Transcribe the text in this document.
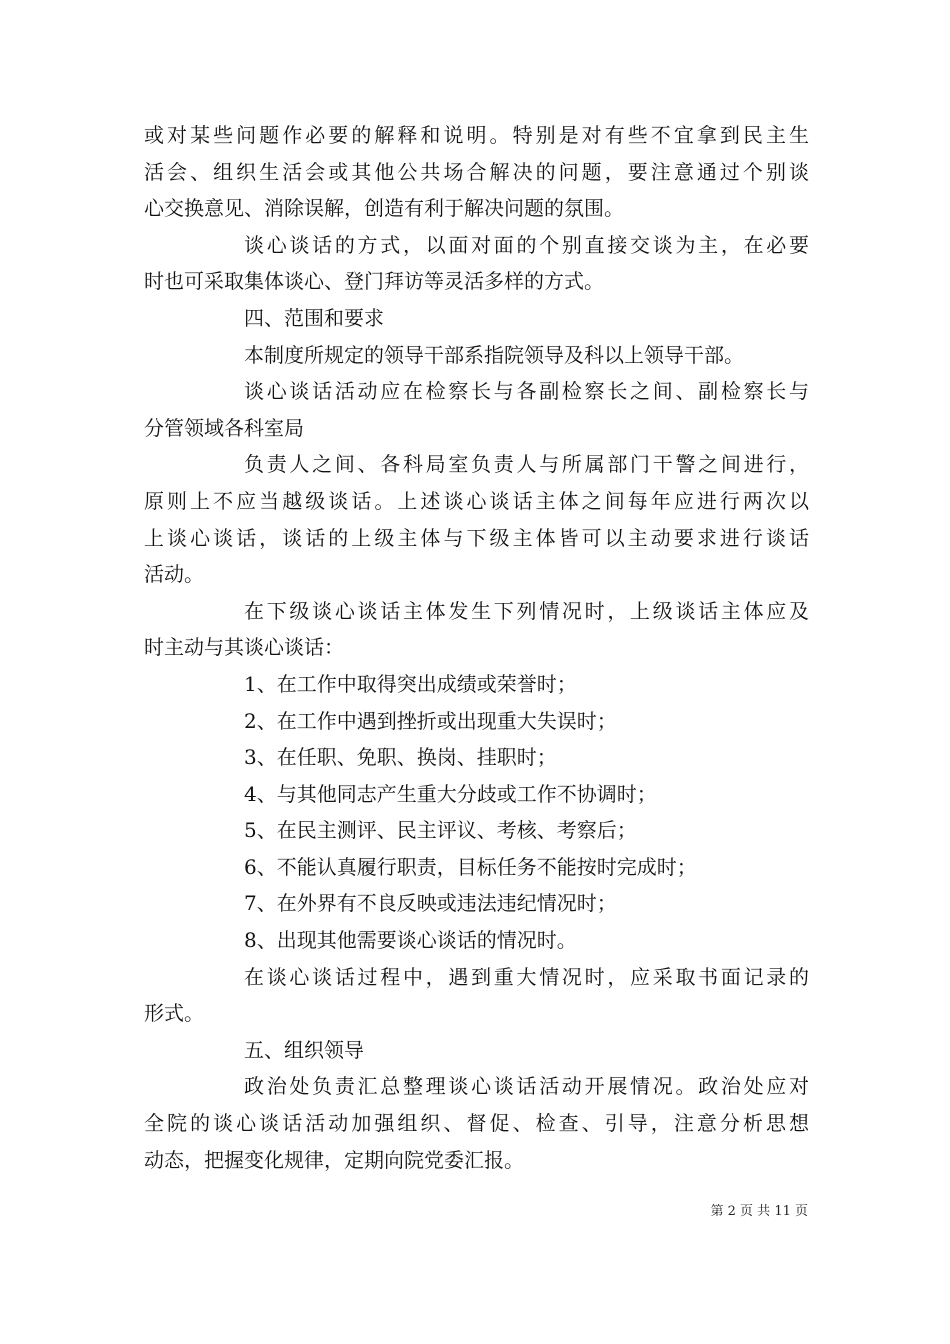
或对某些问题作必要的解释和说明。特别是对有些不宜拿到民主生
活会、组织生活会或其他公共场合解决的问题，要注意通过个别谈
心交换意见、消除误解，创造有利于解决问题的氛围。
谈心谈话的方式，以面对面的个别直接交谈为主，在必要
时也可采取集体谈心、登门拜访等灵活多样的方式。
四、范围和要求
本制度所规定的领导干部系指院领导及科以上领导干部。
谈心谈话活动应在检察长与各副检察长之间、副检察长与
分管领域各科室局
负责人之间、各科局室负责人与所属部门干警之间进行，
原则上不应当越级谈话。上述谈心谈话主体之间每年应进行两次以
上谈心谈话，谈话的上级主体与下级主体皆可以主动要求进行谈话
活动。
在下级谈心谈话主体发生下列情况时，上级谈话主体应及
时主动与其谈心谈话：
1、在工作中取得突出成绩或荣誉时；
2、在工作中遇到挫折或出现重大失误时；
3、在任职、免职、换岗、挂职时；
4、与其他同志产生重大分歧或工作不协调时；
5、在民主测评、民主评议、考核、考察后；
6、不能认真履行职责，目标任务不能按时完成时；
7、在外界有不良反映或违法违纪情况时；
8、出现其他需要谈心谈话的情况时。
在谈心谈话过程中，遇到重大情况时，应采取书面记录的
形式。
五、组织领导
政治处负责汇总整理谈心谈话活动开展情况。政治处应对
全院的谈心谈话活动加强组织、督促、检查、引导，注意分析思想
动态，把握变化规律，定期向院党委汇报。
第 2 页 共 11 页
